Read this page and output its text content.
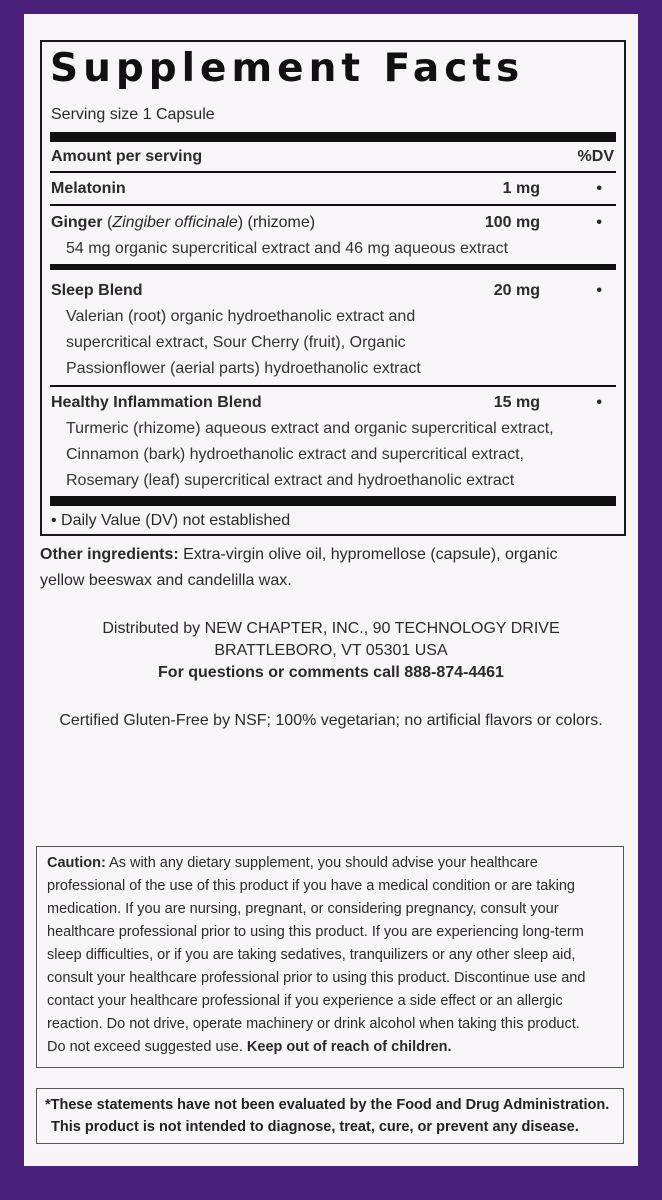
Supplement Facts
Serving size 1 Capsule
Amount per serving	%DV
Melatonin	1 mg	•
Ginger (Zingiber officinale) (rhizome)	100 mg	•
54 mg organic supercritical extract and 46 mg aqueous extract
Sleep Blend	20 mg	•
Valerian (root) organic hydroethanolic extract and
supercritical extract, Sour Cherry (fruit), Organic
Passionflower (aerial parts) hydroethanolic extract
Healthy Inflammation Blend	15 mg	•
Turmeric (rhizome) aqueous extract and organic supercritical extract,
Cinnamon (bark) hydroethanolic extract and supercritical extract,
Rosemary (leaf) supercritical extract and hydroethanolic extract
• Daily Value (DV) not established
Other ingredients: Extra-virgin olive oil, hypromellose (capsule), organic
yellow beeswax and candelilla wax.
Distributed by NEW CHAPTER, INC., 90 TECHNOLOGY DRIVE
BRATTLEBORO, VT 05301 USA
For questions or comments call 888-874-4461
Certified Gluten-Free by NSF; 100% vegetarian; no artificial flavors or colors.
Caution: As with any dietary supplement, you should advise your healthcare
professional of the use of this product if you have a medical condition or are taking
medication. If you are nursing, pregnant, or considering pregnancy, consult your
healthcare professional prior to using this product. If you are experiencing long-term
sleep difficulties, or if you are taking sedatives, tranquilizers or any other sleep aid,
consult your healthcare professional prior to using this product. Discontinue use and
contact your healthcare professional if you experience a side effect or an allergic
reaction. Do not drive, operate machinery or drink alcohol when taking this product.
Do not exceed suggested use. Keep out of reach of children.
*These statements have not been evaluated by the Food and Drug Administration.
This product is not intended to diagnose, treat, cure, or prevent any disease.
